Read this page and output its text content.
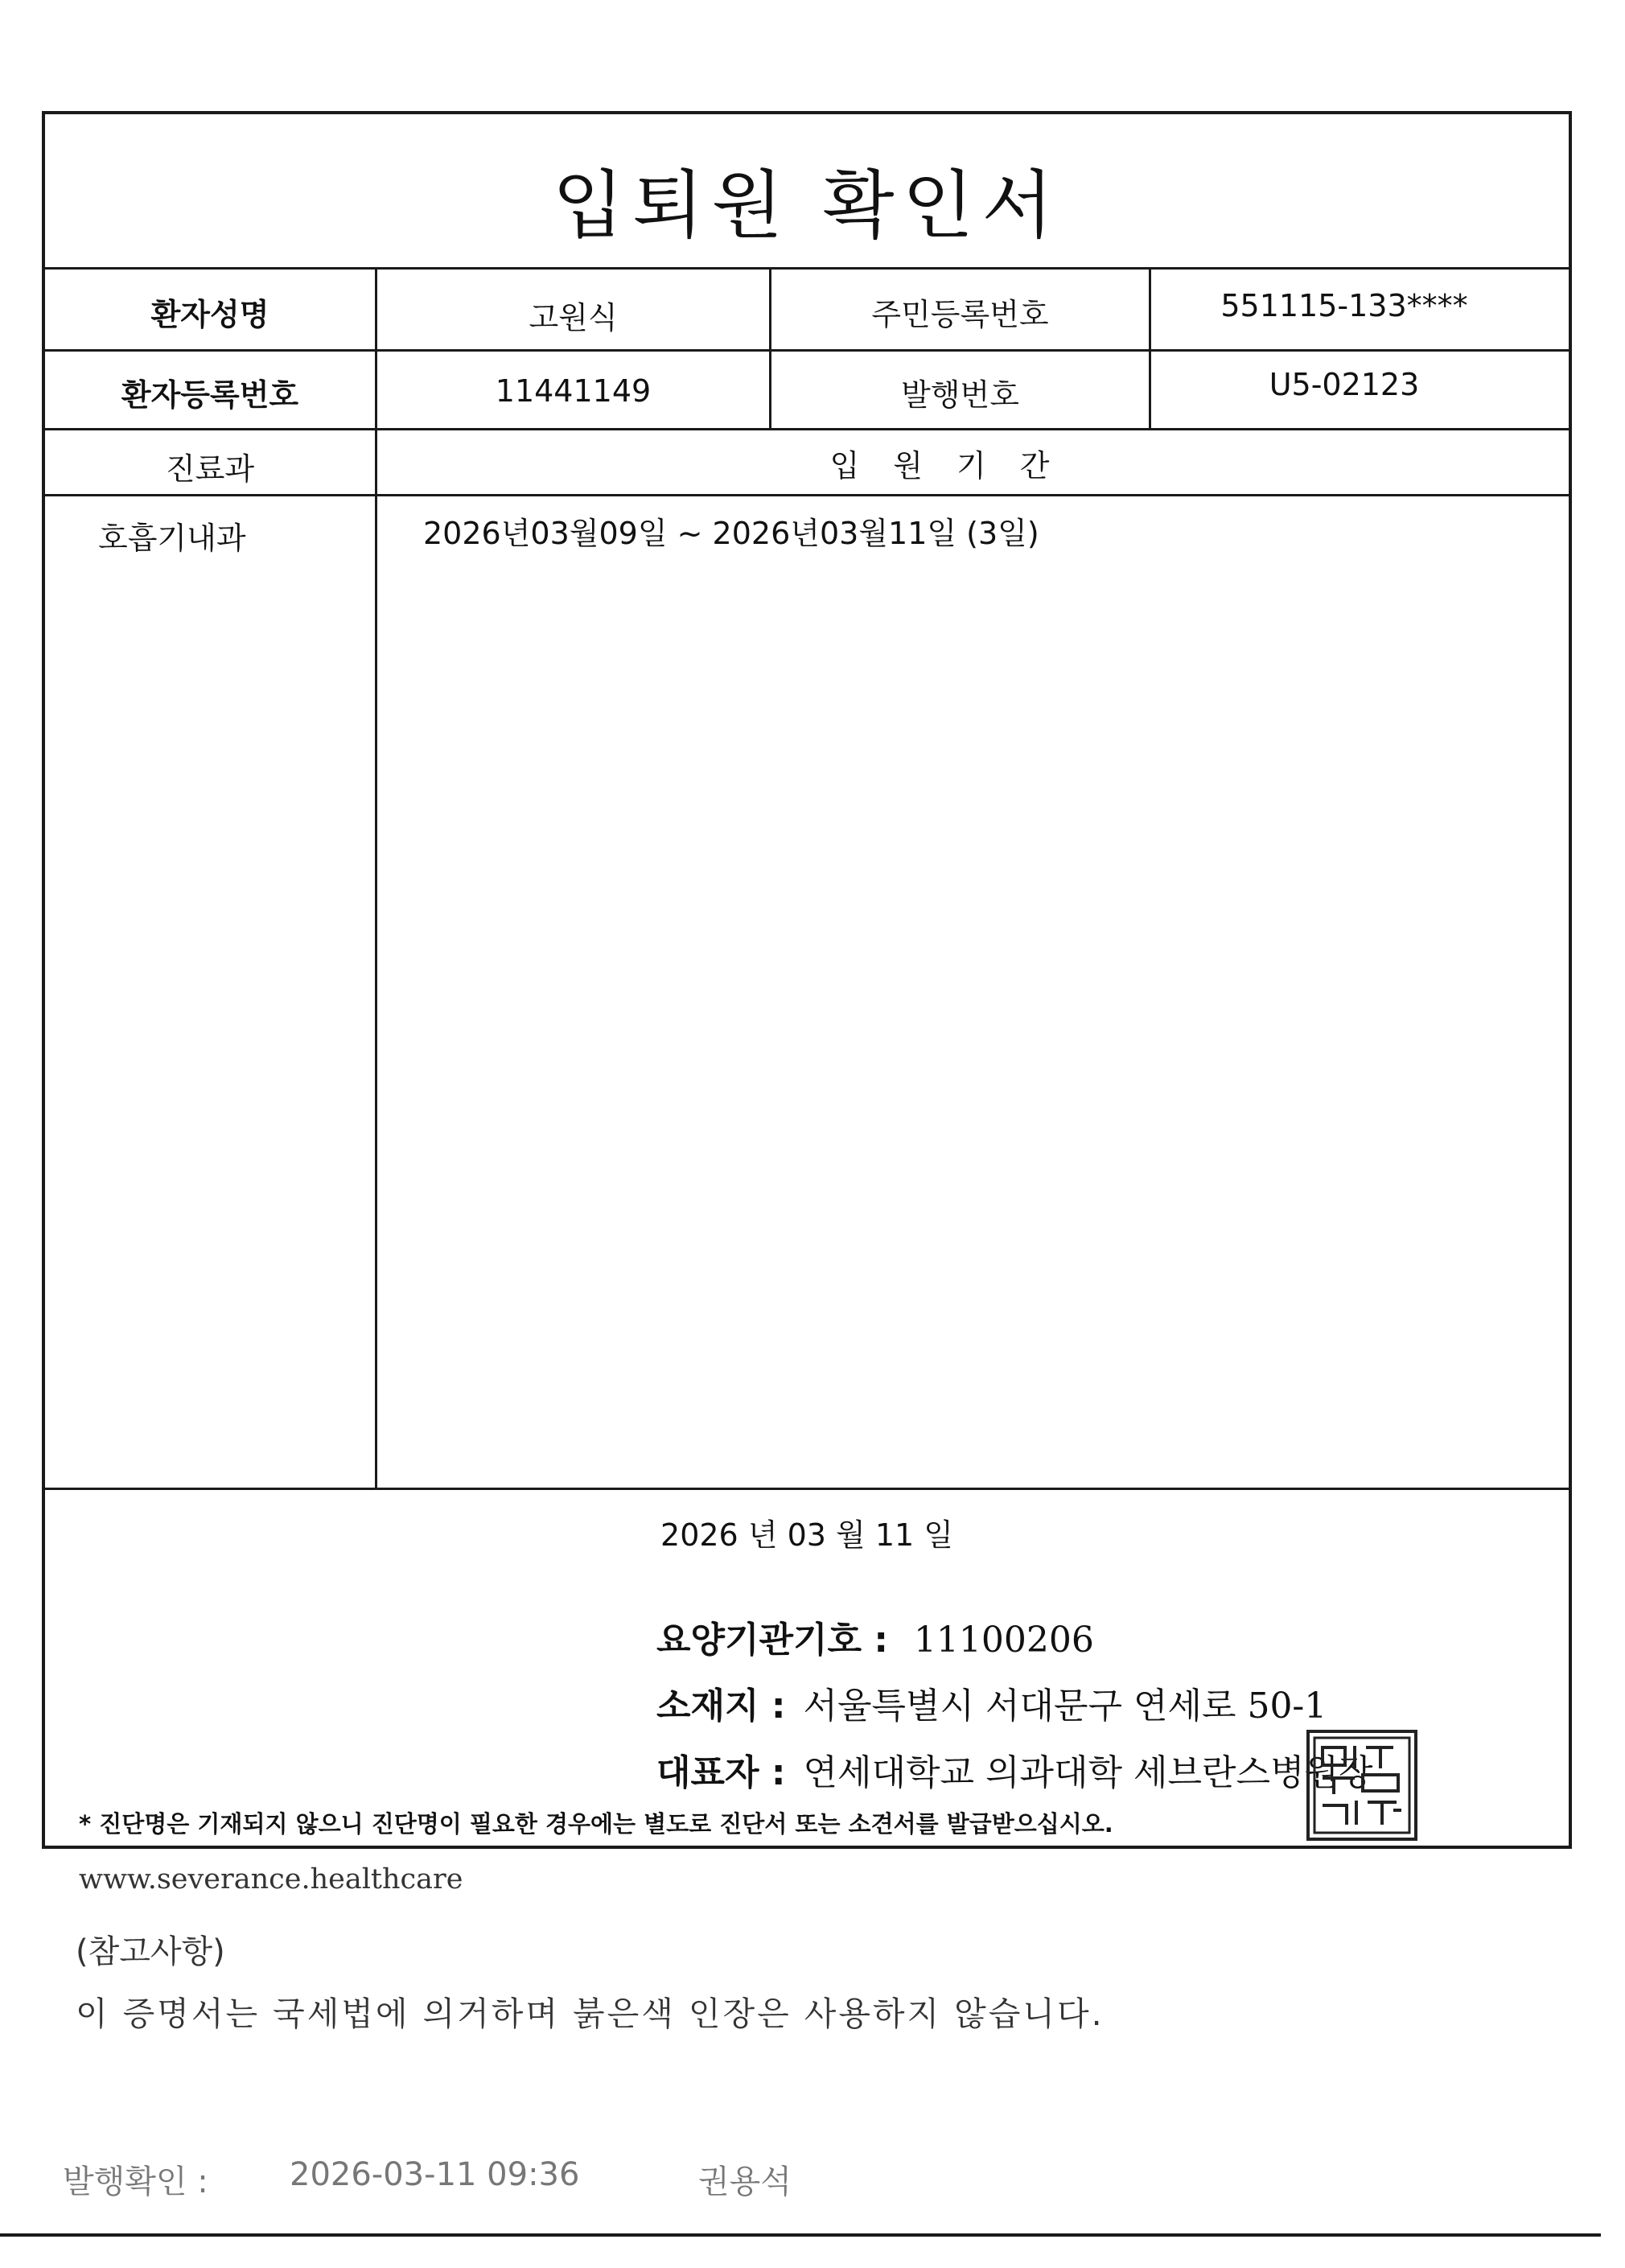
입퇴원 확인서
환자성명	고원식	주민등록번호	551115-133****
환자등록번호	11441149	발행번호	U5-02123
진료과	입원기간
호흡기내과	2026년03월09일 ~ 2026년03월11일 (3일)
2026 년 03 월 11 일
요양기관기호 : 11100206
소재지 : 서울특별시 서대문구 연세로 50-1
대표자 : 연세대학교 의과대학 세브란스병원장
* 진단명은 기재되지 않으니 진단명이 필요한 경우에는 별도로 진단서 또는 소견서를 발급받으십시오.
www.severance.healthcare
(참고사항)
이 증명서는 국세법에 의거하며 붉은색 인장은 사용하지 않습니다.
발행확인 :	2026-03-11 09:36	권용석
